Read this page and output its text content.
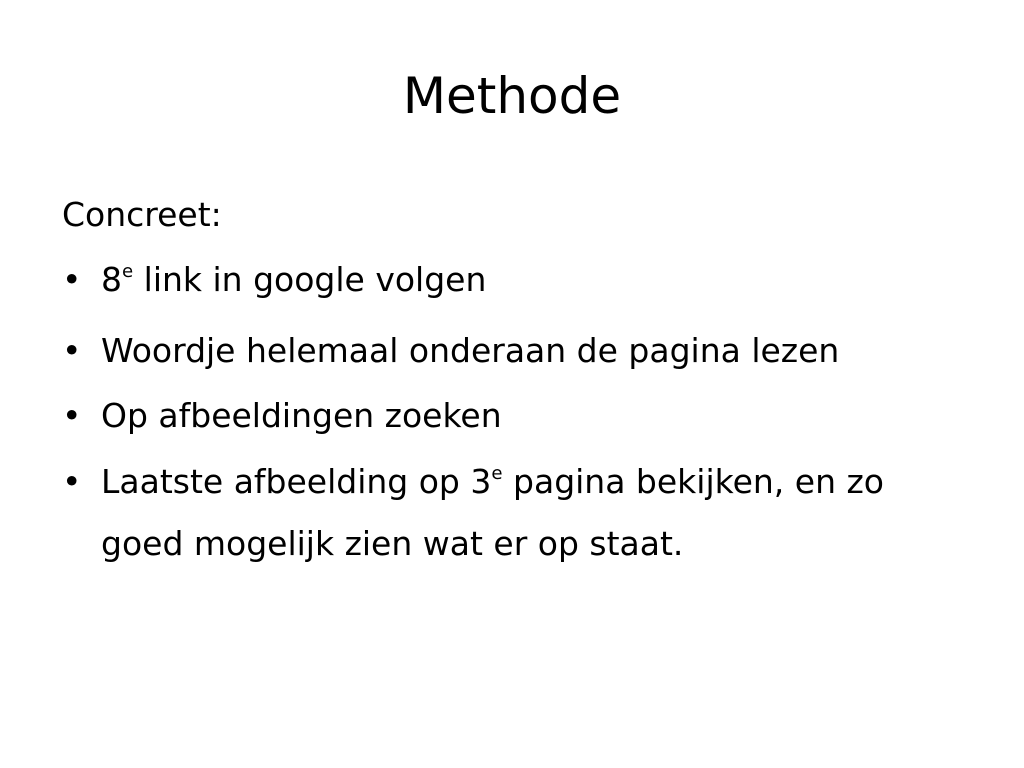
Methode

Concreet:

• 8e link in google volgen
• Woordje helemaal onderaan de pagina lezen
• Op afbeeldingen zoeken
• Laatste afbeelding op 3e pagina bekijken, en zo goed mogelijk zien wat er op staat.
